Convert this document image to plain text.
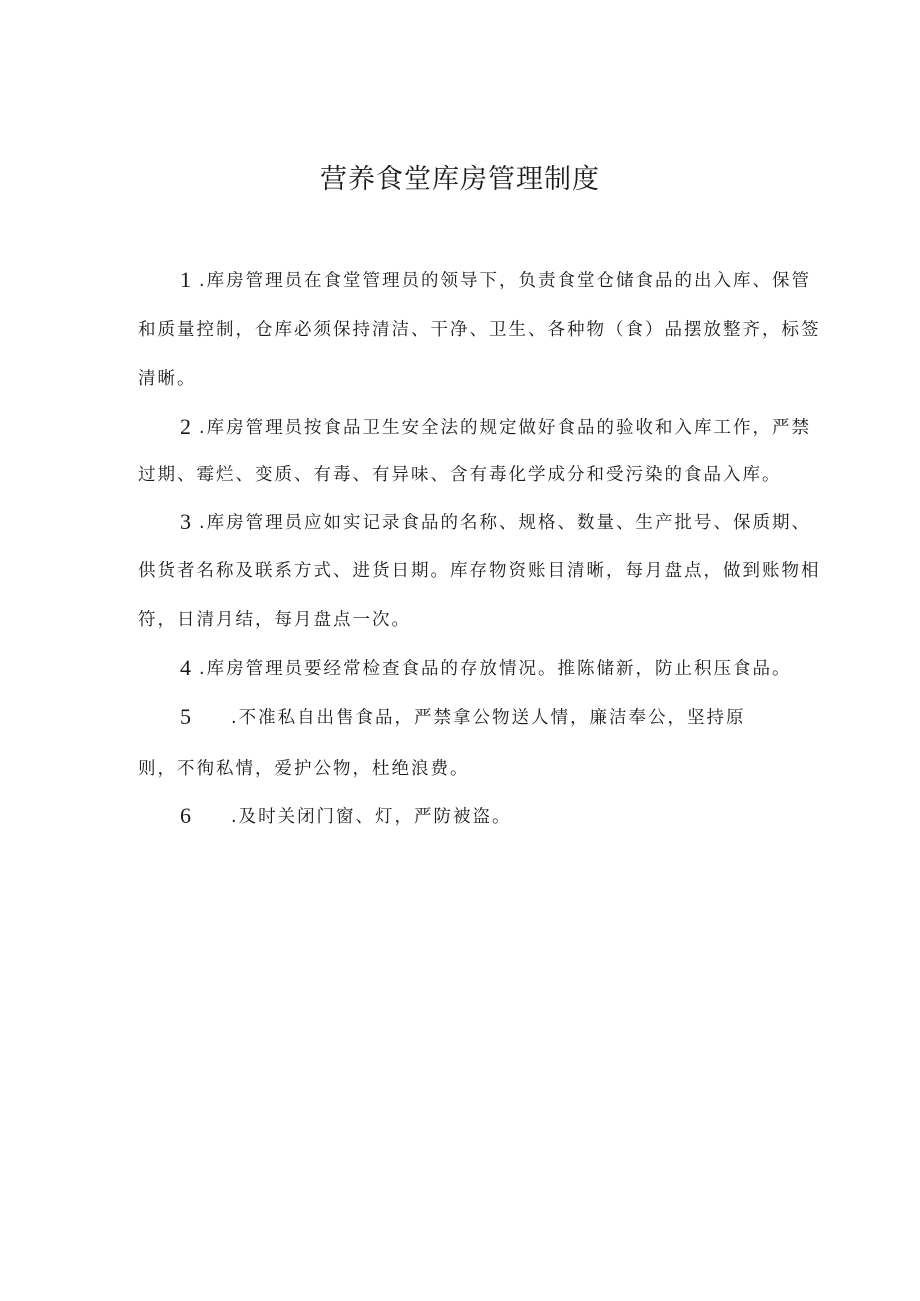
营养食堂库房管理制度
1 .库房管理员在食堂管理员的领导下，负责食堂仓储食品的出入库、保管
和质量控制，仓库必须保持清洁、干净、卫生、各种物（食）品摆放整齐，标签
清晰。
2 .库房管理员按食品卫生安全法的规定做好食品的验收和入库工作，严禁
过期、霉烂、变质、有毒、有异味、含有毒化学成分和受污染的食品入库。
3 .库房管理员应如实记录食品的名称、规格、数量、生产批号、保质期、
供货者名称及联系方式、进货日期。库存物资账目清晰，每月盘点，做到账物相
符，日清月结，每月盘点一次。
4 .库房管理员要经常检查食品的存放情况。推陈储新，防止积压食品。
5 .不准私自出售食品，严禁拿公物送人情，廉洁奉公，坚持原
则，不徇私情，爱护公物，杜绝浪费。
6 .及时关闭门窗、灯，严防被盗。
